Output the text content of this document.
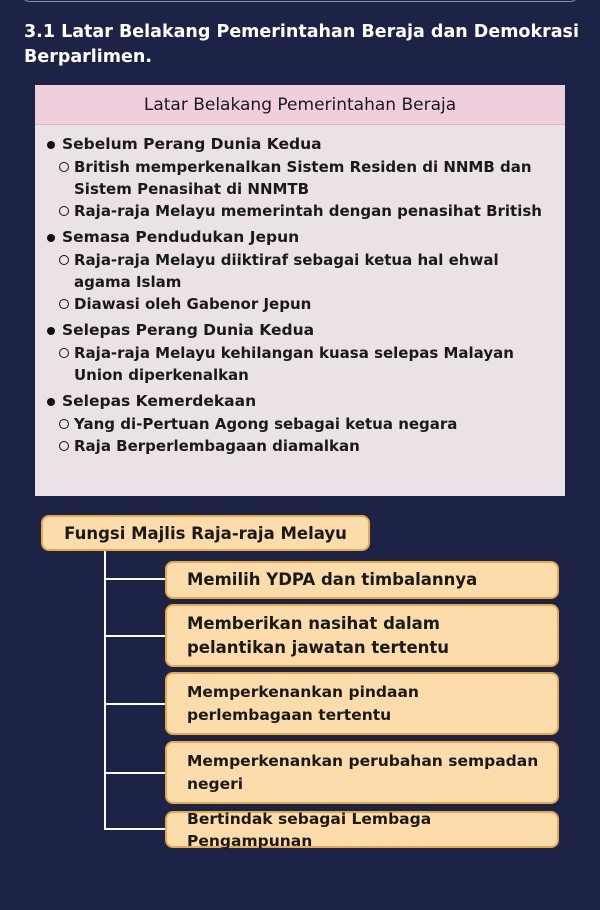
3.1 Latar Belakang Pemerintahan Beraja dan Demokrasi Berparlimen.
Latar Belakang Pemerintahan Beraja
Sebelum Perang Dunia Kedua
British memperkenalkan Sistem Residen di NNMB dan Sistem Penasihat di NNMTB
Raja-raja Melayu memerintah dengan penasihat British
Semasa Pendudukan Jepun
Raja-raja Melayu diiktiraf sebagai ketua hal ehwal agama Islam
Diawasi oleh Gabenor Jepun
Selepas Perang Dunia Kedua
Raja-raja Melayu kehilangan kuasa selepas Malayan Union diperkenalkan
Selepas Kemerdekaan
Yang di-Pertuan Agong sebagai ketua negara
Raja Berperlembagaan diamalkan
Fungsi Majlis Raja-raja Melayu
Memilih YDPA dan timbalannya
Memberikan nasihat dalam pelantikan jawatan tertentu
Memperkenankan pindaan perlembagaan tertentu
Memperkenankan perubahan sempadan negeri
Bertindak sebagai Lembaga Pengampunan
